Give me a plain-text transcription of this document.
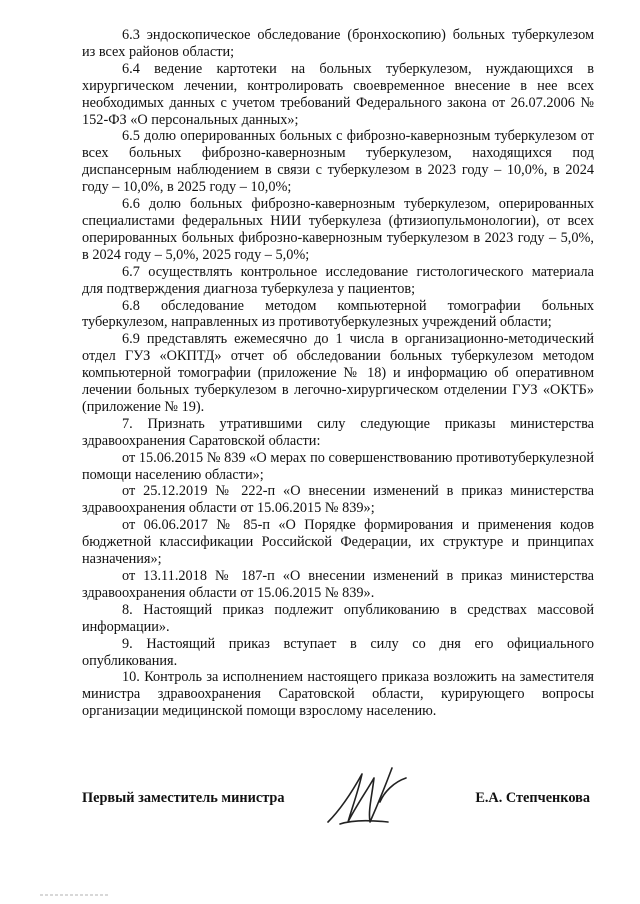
6.3 эндоскопическое обследование (бронхоскопию) больных туберкулезом из всех районов области;

6.4 ведение картотеки на больных туберкулезом, нуждающихся в хирургическом лечении, контролировать своевременное внесение в нее всех необходимых данных с учетом требований Федерального закона от 26.07.2006 № 152-ФЗ «О персональных данных»;

6.5 долю оперированных больных с фиброзно-кавернозным туберкулезом от всех больных фиброзно-кавернозным туберкулезом, находящихся под диспансерным наблюдением в связи с туберкулезом в 2023 году – 10,0%, в 2024 году – 10,0%, в 2025 году – 10,0%;

6.6 долю больных фиброзно-кавернозным туберкулезом, оперированных специалистами федеральных НИИ туберкулеза (фтизиопульмонологии), от всех оперированных больных фиброзно-кавернозным туберкулезом в 2023 году – 5,0%, в 2024 году – 5,0%, 2025 году – 5,0%;

6.7 осуществлять контрольное исследование гистологического материала для подтверждения диагноза туберкулеза у пациентов;

6.8 обследование методом компьютерной томографии больных туберкулезом, направленных из противотуберкулезных учреждений области;

6.9 представлять ежемесячно до 1 числа в организационно-методический отдел ГУЗ «ОКПТД» отчет об обследовании больных туберкулезом методом компьютерной томографии (приложение № 18) и информацию об оперативном лечении больных туберкулезом в легочно-хирургическом отделении ГУЗ «ОКТБ» (приложение № 19).

7. Признать утратившими силу следующие приказы министерства здравоохранения Саратовской области:

от 15.06.2015 № 839 «О мерах по совершенствованию противотуберкулезной помощи населению области»;

от 25.12.2019 № 222-п «О внесении изменений в приказ министерства здравоохранения области от 15.06.2015 № 839»;

от 06.06.2017 № 85-п «О Порядке формирования и применения кодов бюджетной классификации Российской Федерации, их структуре и принципах назначения»;

от 13.11.2018 № 187-п «О внесении изменений в приказ министерства здравоохранения области от 15.06.2015 № 839».

8. Настоящий приказ подлежит опубликованию в средствах массовой информации».

9. Настоящий приказ вступает в силу со дня его официального опубликования.

10. Контроль за исполнением настоящего приказа возложить на заместителя министра здравоохранения Саратовской области, курирующего вопросы организации медицинской помощи взрослому населению.

Первый заместитель министра	Е.А. Степченкова
